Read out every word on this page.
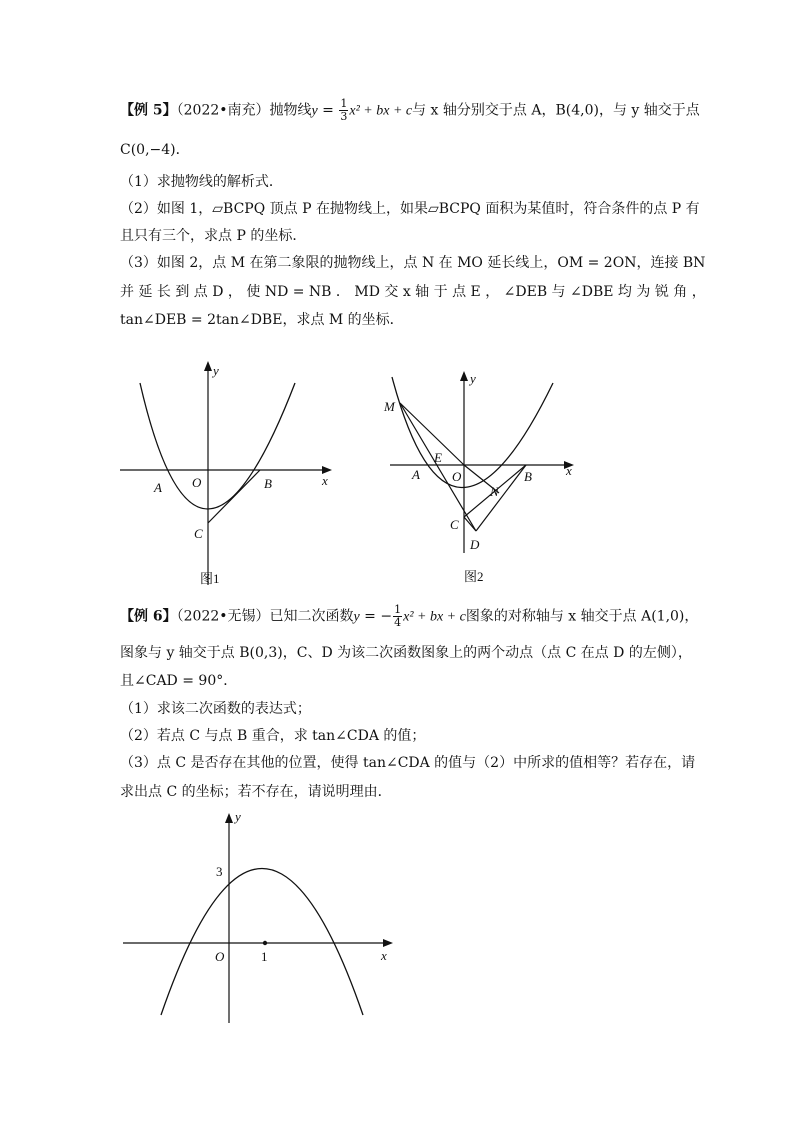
【例 5】（2022•南充）抛物线$y = \frac{1}{3} x^2$ + bx + c与 x 轴分别交于点 A，B(4,0)，与 y 轴交于点
C(0,−4)．
（1）求抛物线的解析式．
（2）如图 1，▱BCPQ 顶点 P 在抛物线上，如果▱BCPQ 面积为某值时，符合条件的点 P 有
且只有三个，求点 P 的坐标．
（3）如图 2，点 M 在第二象限的抛物线上，点 N 在 MO 延长线上，OM = 2ON，连接 BN
并 延 长 到 点 D ， 使 ND = NB ． MD 交 x 轴 于 点 E ， ∠DEB 与 ∠DBE 均 为 锐 角 ，
tan∠DEB = 2tan∠DBE，求点 M 的坐标．
x
y
O
A	B
C
图1
x
y
M
E
O
A	B
N
C
D
图2
【例 6】（2022•无锡）已知二次函数y = − $\frac{1}{4} x^2$ + bx + c图象的对称轴与 x 轴交于点 A(1,0)，
图象与 y 轴交于点 B(0,3)，C、D 为该二次函数图象上的两个动点（点 C 在点 D 的左侧），
且∠CAD = 90°．
（1）求该二次函数的表达式；
（2）若点 C 与点 B 重合，求 tan∠CDA 的值；
（3）点 C 是否存在其他的位置，使得 tan∠CDA 的值与（2）中所求的值相等？若存在，请
求出点 C 的坐标；若不存在，请说明理由．
x
y
3
O	1
